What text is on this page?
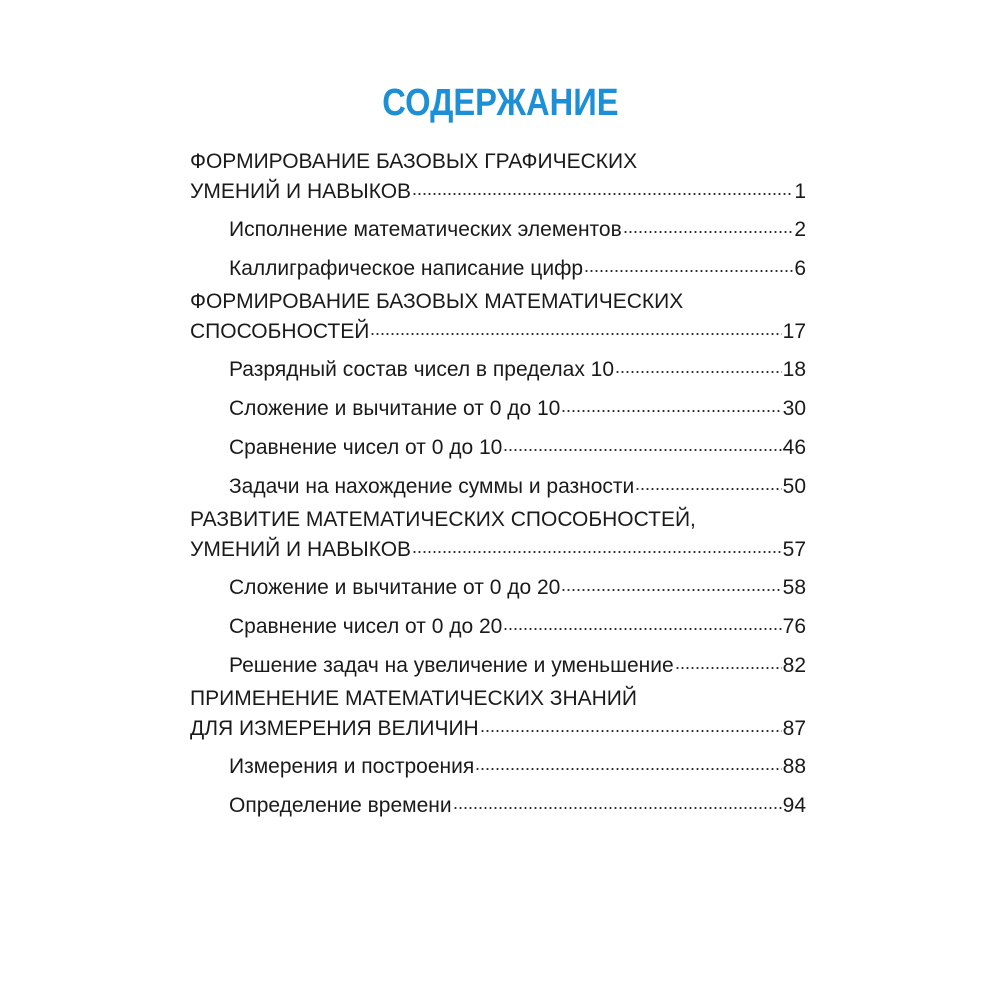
СОДЕРЖАНИЕ
ФОРМИРОВАНИЕ БАЗОВЫХ ГРАФИЧЕСКИХ
УМЕНИЙ И НАВЫКОВ	1
Исполнение математических элементов	2
Каллиграфическое написание цифр	6
ФОРМИРОВАНИЕ БАЗОВЫХ МАТЕМАТИЧЕСКИХ
СПОСОБНОСТЕЙ	17
Разрядный состав чисел в пределах 10	18
Сложение и вычитание от 0 до 10	30
Сравнение чисел от 0 до 10	46
Задачи на нахождение суммы и разности	50
РАЗВИТИЕ МАТЕМАТИЧЕСКИХ СПОСОБНОСТЕЙ,
УМЕНИЙ И НАВЫКОВ	57
Сложение и вычитание от 0 до 20	58
Сравнение чисел от 0 до 20	76
Решение задач на увеличение и уменьшение	82
ПРИМЕНЕНИЕ МАТЕМАТИЧЕСКИХ ЗНАНИЙ
ДЛЯ ИЗМЕРЕНИЯ ВЕЛИЧИН	87
Измерения и построения	88
Определение времени	94
